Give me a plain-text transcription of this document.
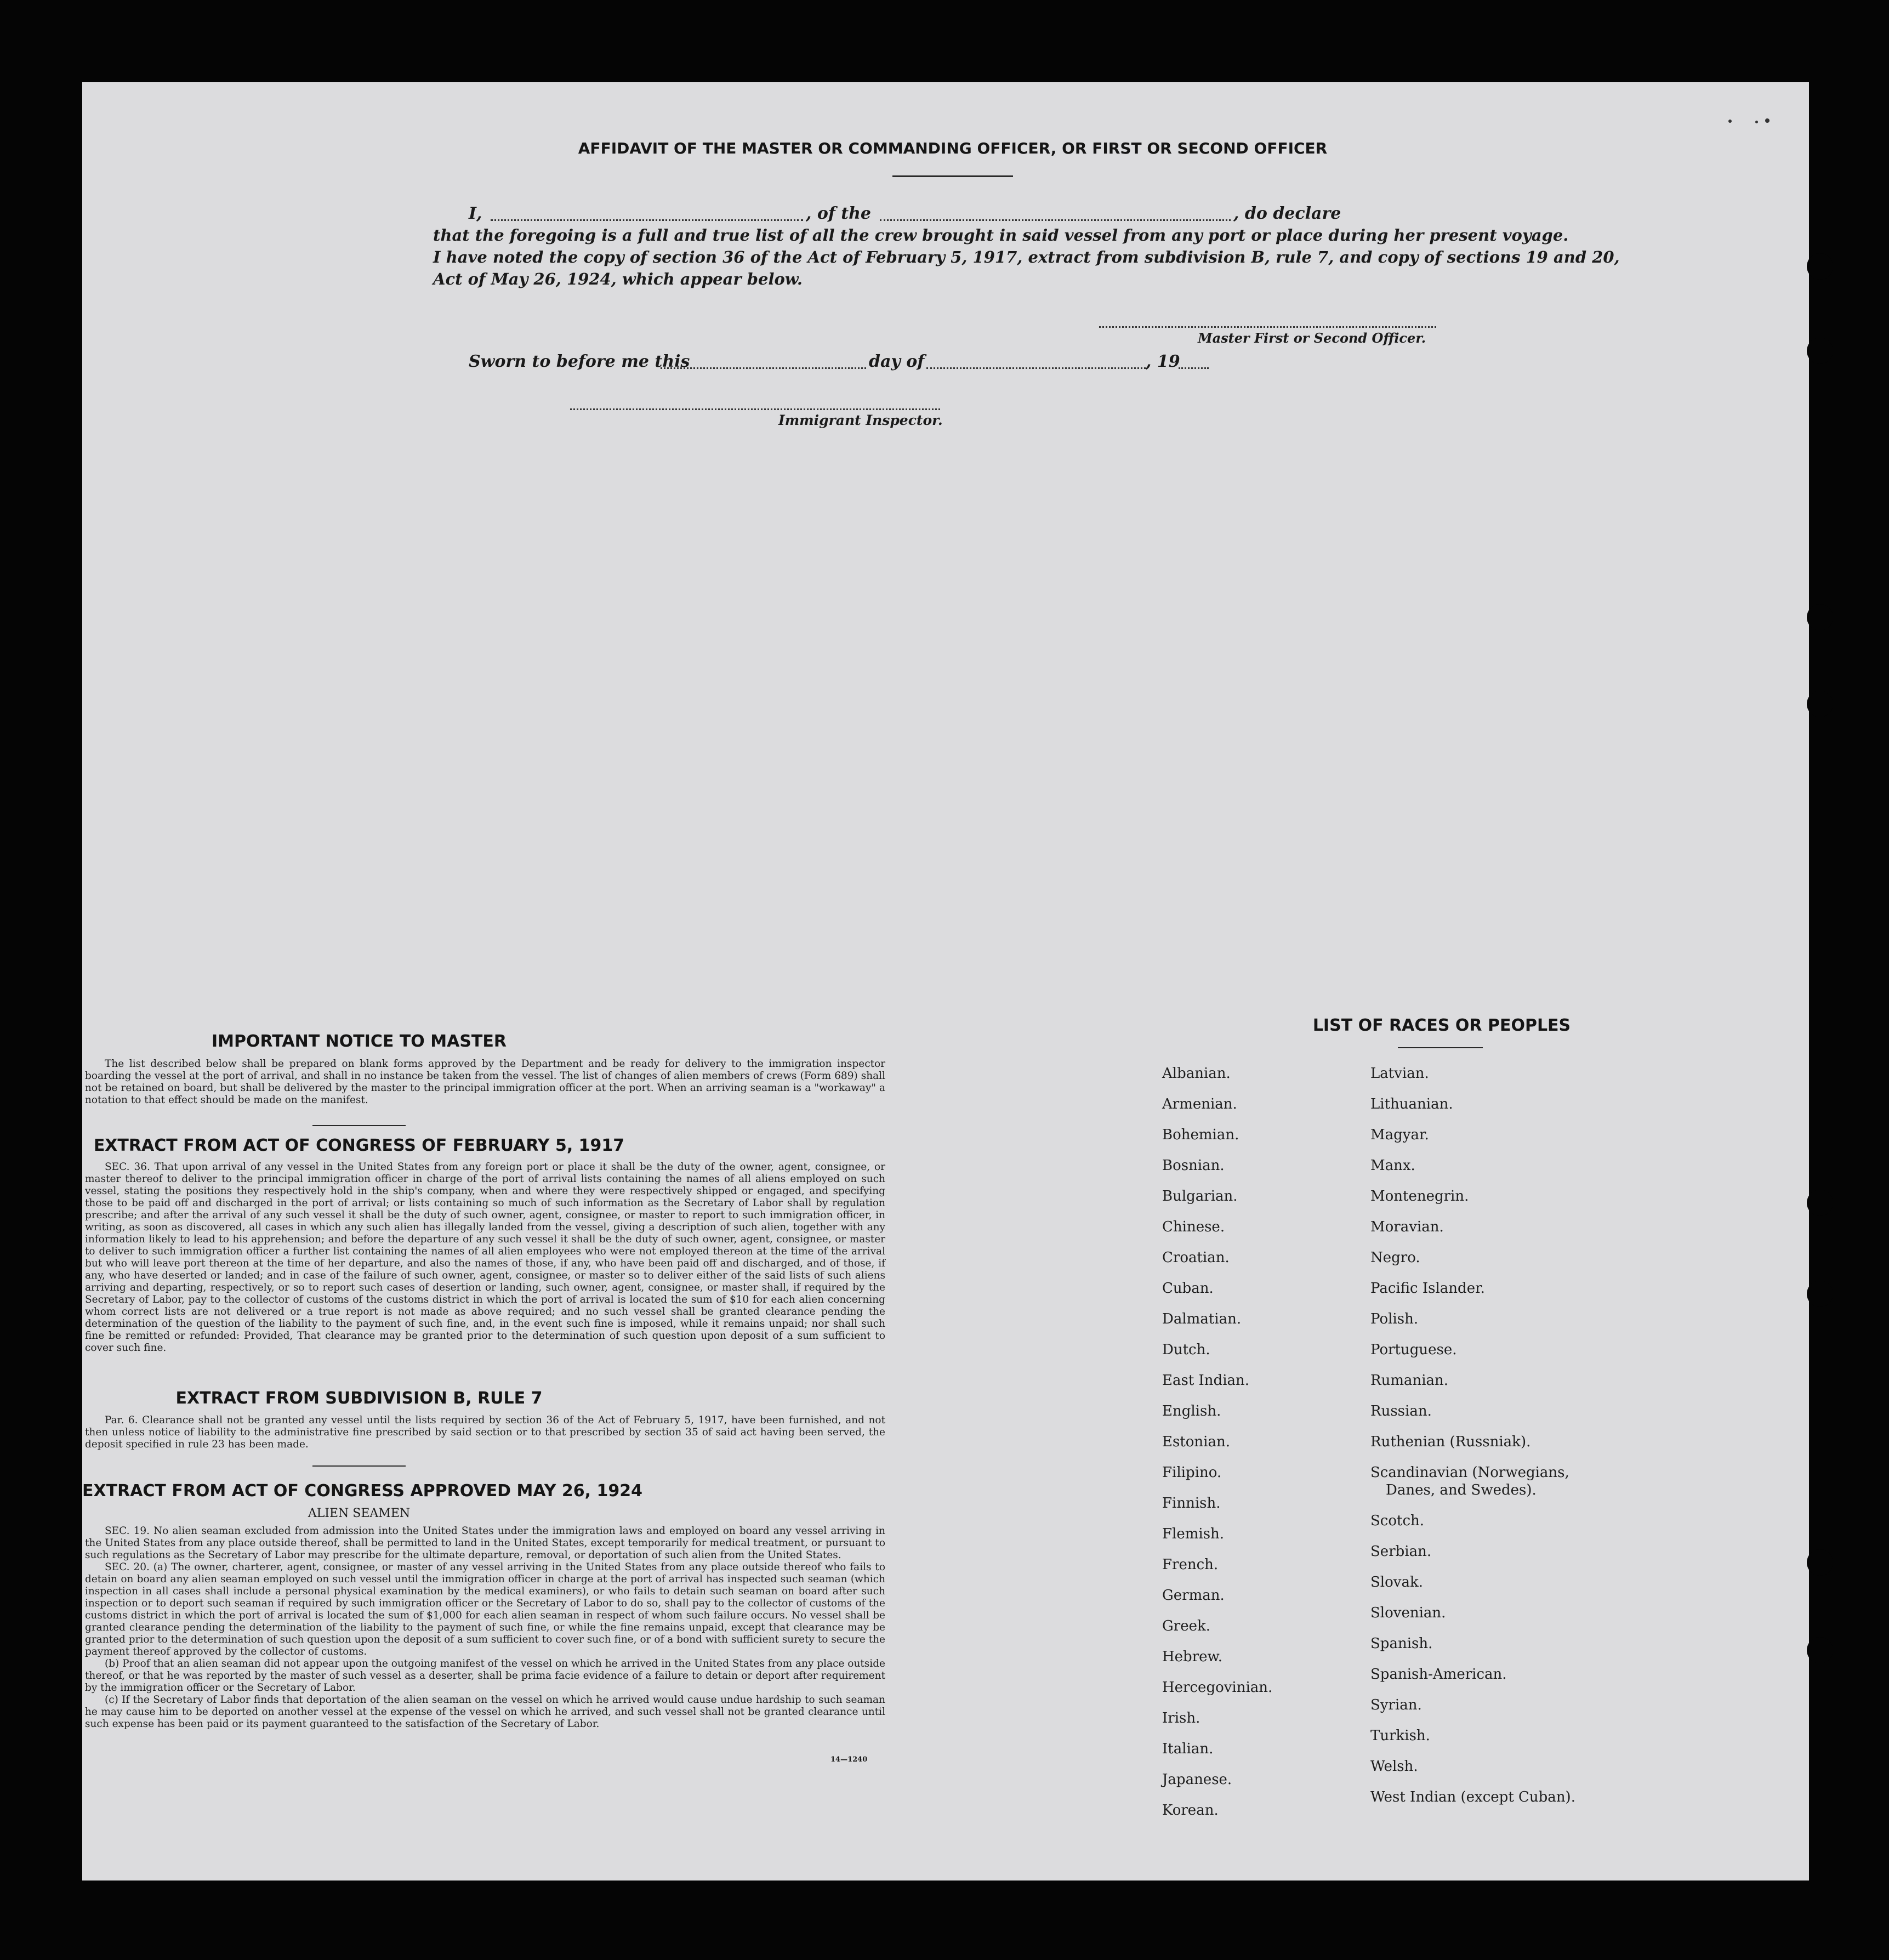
AFFIDAVIT OF THE MASTER OR COMMANDING OFFICER, OR FIRST OR SECOND OFFICER
I,	, of the	, do declare
that the foregoing is a full and true list of all the crew brought in said vessel from any port or place during her present voyage.
I have noted the copy of section 36 of the Act of February 5, 1917, extract from subdivision B, rule 7, and copy of sections 19 and 20,
Act of May 26, 1924, which appear below.
Master First or Second Officer.
Sworn to before me this	day of	, 19
Immigrant Inspector.
IMPORTANT NOTICE TO MASTER

The list described below shall be prepared on blank forms approved by the Department and be ready for delivery to the immigration inspector boarding the vessel at the port of arrival, and shall in no instance be taken from the vessel. The list of changes of alien members of crews (Form 689) shall not be retained on board, but shall be delivered by the master to the principal immigration officer at the port. When an arriving seaman is a "workaway" a notation to that effect should be made on the manifest.

EXTRACT FROM ACT OF CONGRESS OF FEBRUARY 5, 1917

SEC. 36. That upon arrival of any vessel in the United States from any foreign port or place it shall be the duty of the owner, agent, consignee, or master thereof to deliver to the principal immigration officer in charge of the port of arrival lists containing the names of all aliens employed on such vessel, stating the positions they respectively hold in the ship's company, when and where they were respectively shipped or engaged, and specifying those to be paid off and discharged in the port of arrival; or lists containing so much of such information as the Secretary of Labor shall by regulation prescribe; and after the arrival of any such vessel it shall be the duty of such owner, agent, consignee, or master to report to such immigration officer, in writing, as soon as discovered, all cases in which any such alien has illegally landed from the vessel, giving a description of such alien, together with any information likely to lead to his apprehension; and before the departure of any such vessel it shall be the duty of such owner, agent, consignee, or master to deliver to such immigration officer a further list containing the names of all alien employees who were not employed thereon at the time of the arrival but who will leave port thereon at the time of her departure, and also the names of those, if any, who have been paid off and discharged, and of those, if any, who have deserted or landed; and in case of the failure of such owner, agent, consignee, or master so to deliver either of the said lists of such aliens arriving and departing, respectively, or so to report such cases of desertion or landing, such owner, agent, consignee, or master shall, if required by the Secretary of Labor, pay to the collector of customs of the customs district in which the port of arrival is located the sum of $10 for each alien concerning whom correct lists are not delivered or a true report is not made as above required; and no such vessel shall be granted clearance pending the determination of the question of the liability to the payment of such fine, and, in the event such fine is imposed, while it remains unpaid; nor shall such fine be remitted or refunded: Provided, That clearance may be granted prior to the determination of such question upon deposit of a sum sufficient to cover such fine.

EXTRACT FROM SUBDIVISION B, RULE 7

Par. 6. Clearance shall not be granted any vessel until the lists required by section 36 of the Act of February 5, 1917, have been furnished, and not then unless notice of liability to the administrative fine prescribed by said section or to that prescribed by section 35 of said act having been served, the deposit specified in rule 23 has been made.

EXTRACT FROM ACT OF CONGRESS APPROVED MAY 26, 1924
ALIEN SEAMEN

SEC. 19. No alien seaman excluded from admission into the United States under the immigration laws and employed on board any vessel arriving in the United States from any place outside thereof, shall be permitted to land in the United States, except temporarily for medical treatment, or pursuant to such regulations as the Secretary of Labor may prescribe for the ultimate departure, removal, or deportation of such alien from the United States.

SEC. 20. (a) The owner, charterer, agent, consignee, or master of any vessel arriving in the United States from any place outside thereof who fails to detain on board any alien seaman employed on such vessel until the immigration officer in charge at the port of arrival has inspected such seaman (which inspection in all cases shall include a personal physical examination by the medical examiners), or who fails to detain such seaman on board after such inspection or to deport such seaman if required by such immigration officer or the Secretary of Labor to do so, shall pay to the collector of customs of the customs district in which the port of arrival is located the sum of $1,000 for each alien seaman in respect of whom such failure occurs. No vessel shall be granted clearance pending the determination of the liability to the payment of such fine, or while the fine remains unpaid, except that clearance may be granted prior to the determination of such question upon the deposit of a sum sufficient to cover such fine, or of a bond with sufficient surety to secure the payment thereof approved by the collector of customs.

(b) Proof that an alien seaman did not appear upon the outgoing manifest of the vessel on which he arrived in the United States from any place outside thereof, or that he was reported by the master of such vessel as a deserter, shall be prima facie evidence of a failure to detain or deport after requirement by the immigration officer or the Secretary of Labor.

(c) If the Secretary of Labor finds that deportation of the alien seaman on the vessel on which he arrived would cause undue hardship to such seaman he may cause him to be deported on another vessel at the expense of the vessel on which he arrived, and such vessel shall not be granted clearance until such expense has been paid or its payment guaranteed to the satisfaction of the Secretary of Labor.

14—1240
LIST OF RACES OR PEOPLES
Albanian.
Armenian.
Bohemian.
Bosnian.
Bulgarian.
Chinese.
Croatian.
Cuban.
Dalmatian.
Dutch.
East Indian.
English.
Estonian.
Filipino.
Finnish.
Flemish.
French.
German.
Greek.
Hebrew.
Hercegovinian.
Irish.
Italian.
Japanese.
Korean.
Latvian.
Lithuanian.
Magyar.
Manx.
Montenegrin.
Moravian.
Negro.
Pacific Islander.
Polish.
Portuguese.
Rumanian.
Russian.
Ruthenian (Russniak).
Scandinavian (Norwegians,
Danes, and Swedes).
Scotch.
Serbian.
Slovak.
Slovenian.
Spanish.
Spanish-American.
Syrian.
Turkish.
Welsh.
West Indian (except Cuban).
